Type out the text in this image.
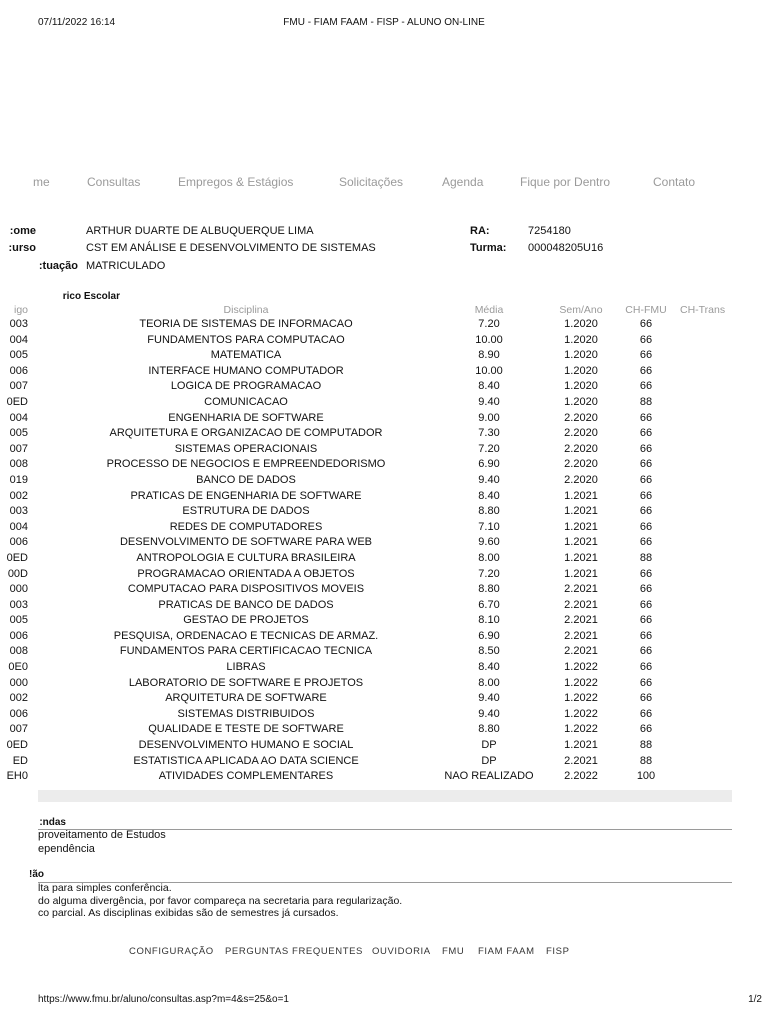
07/11/2022 16:14	FMU - FIAM FAAM - FISP - ALUNO ON-LINE
me	Consultas	Empregos & Estágios	Solicitações	Agenda	Fique por Dentro	Contato
ome:	ARTHUR DUARTE DE ALBUQUERQUE LIMA	RA:	7254180
urso:	CST EM ANÁLISE E DESENVOLVIMENTO DE SISTEMAS	Turma: 000048205U16
tuação: MATRICULADO
rico Escolar
igo	Disciplina	Média	Sem/Ano	CH-FMU	CH-Trans
003	TEORIA DE SISTEMAS DE INFORMACAO	7.20	1.2020	66
004	FUNDAMENTOS PARA COMPUTACAO	10.00	1.2020	66
005	MATEMATICA	8.90	1.2020	66
006	INTERFACE HUMANO COMPUTADOR	10.00	1.2020	66
007	LOGICA DE PROGRAMACAO	8.40	1.2020	66
0ED	COMUNICACAO	9.40	1.2020	88
004	ENGENHARIA DE SOFTWARE	9.00	2.2020	66
005	ARQUITETURA E ORGANIZACAO DE COMPUTADOR	7.30	2.2020	66
007	SISTEMAS OPERACIONAIS	7.20	2.2020	66
008	PROCESSO DE NEGOCIOS E EMPREENDEDORISMO	6.90	2.2020	66
019	BANCO DE DADOS	9.40	2.2020	66
002	PRATICAS DE ENGENHARIA DE SOFTWARE	8.40	1.2021	66
003	ESTRUTURA DE DADOS	8.80	1.2021	66
004	REDES DE COMPUTADORES	7.10	1.2021	66
006	DESENVOLVIMENTO DE SOFTWARE PARA WEB	9.60	1.2021	66
0ED	ANTROPOLOGIA E CULTURA BRASILEIRA	8.00	1.2021	88
00D	PROGRAMACAO ORIENTADA A OBJETOS	7.20	1.2021	66
000	COMPUTACAO PARA DISPOSITIVOS MOVEIS	8.80	2.2021	66
003	PRATICAS DE BANCO DE DADOS	6.70	2.2021	66
005	GESTAO DE PROJETOS	8.10	2.2021	66
006	PESQUISA, ORDENACAO E TECNICAS DE ARMAZ.	6.90	2.2021	66
008	FUNDAMENTOS PARA CERTIFICACAO TECNICA	8.50	2.2021	66
0E0	LIBRAS	8.40	1.2022	66
000	LABORATORIO DE SOFTWARE E PROJETOS	8.00	1.2022	66
002	ARQUITETURA DE SOFTWARE	9.40	1.2022	66
006	SISTEMAS DISTRIBUIDOS	9.40	1.2022	66
007	QUALIDADE E TESTE DE SOFTWARE	8.80	1.2022	66
0ED	DESENVOLVIMENTO HUMANO E SOCIAL	DP	1.2021	88
ED	ESTATISTICA APLICADA AO DATA SCIENCE	DP	2.2021	88
EH0	ATIVIDADES COMPLEMENTARES	NAO REALIZADO	2.2022	100
ndas:
proveitamento de Estudos
ependência
ão!
lta para simples conferência.
do alguma divergência, por favor compareça na secretaria para regularização.
co parcial. As disciplinas exibidas são de semestres já cursados.
CONFIGURAÇÃO PERGUNTAS FREQUENTES OUVIDORIA FMU FIAM FAAM FISP
https://www.fmu.br/aluno/consultas.asp?m=4&s=25&o=1	1/2
